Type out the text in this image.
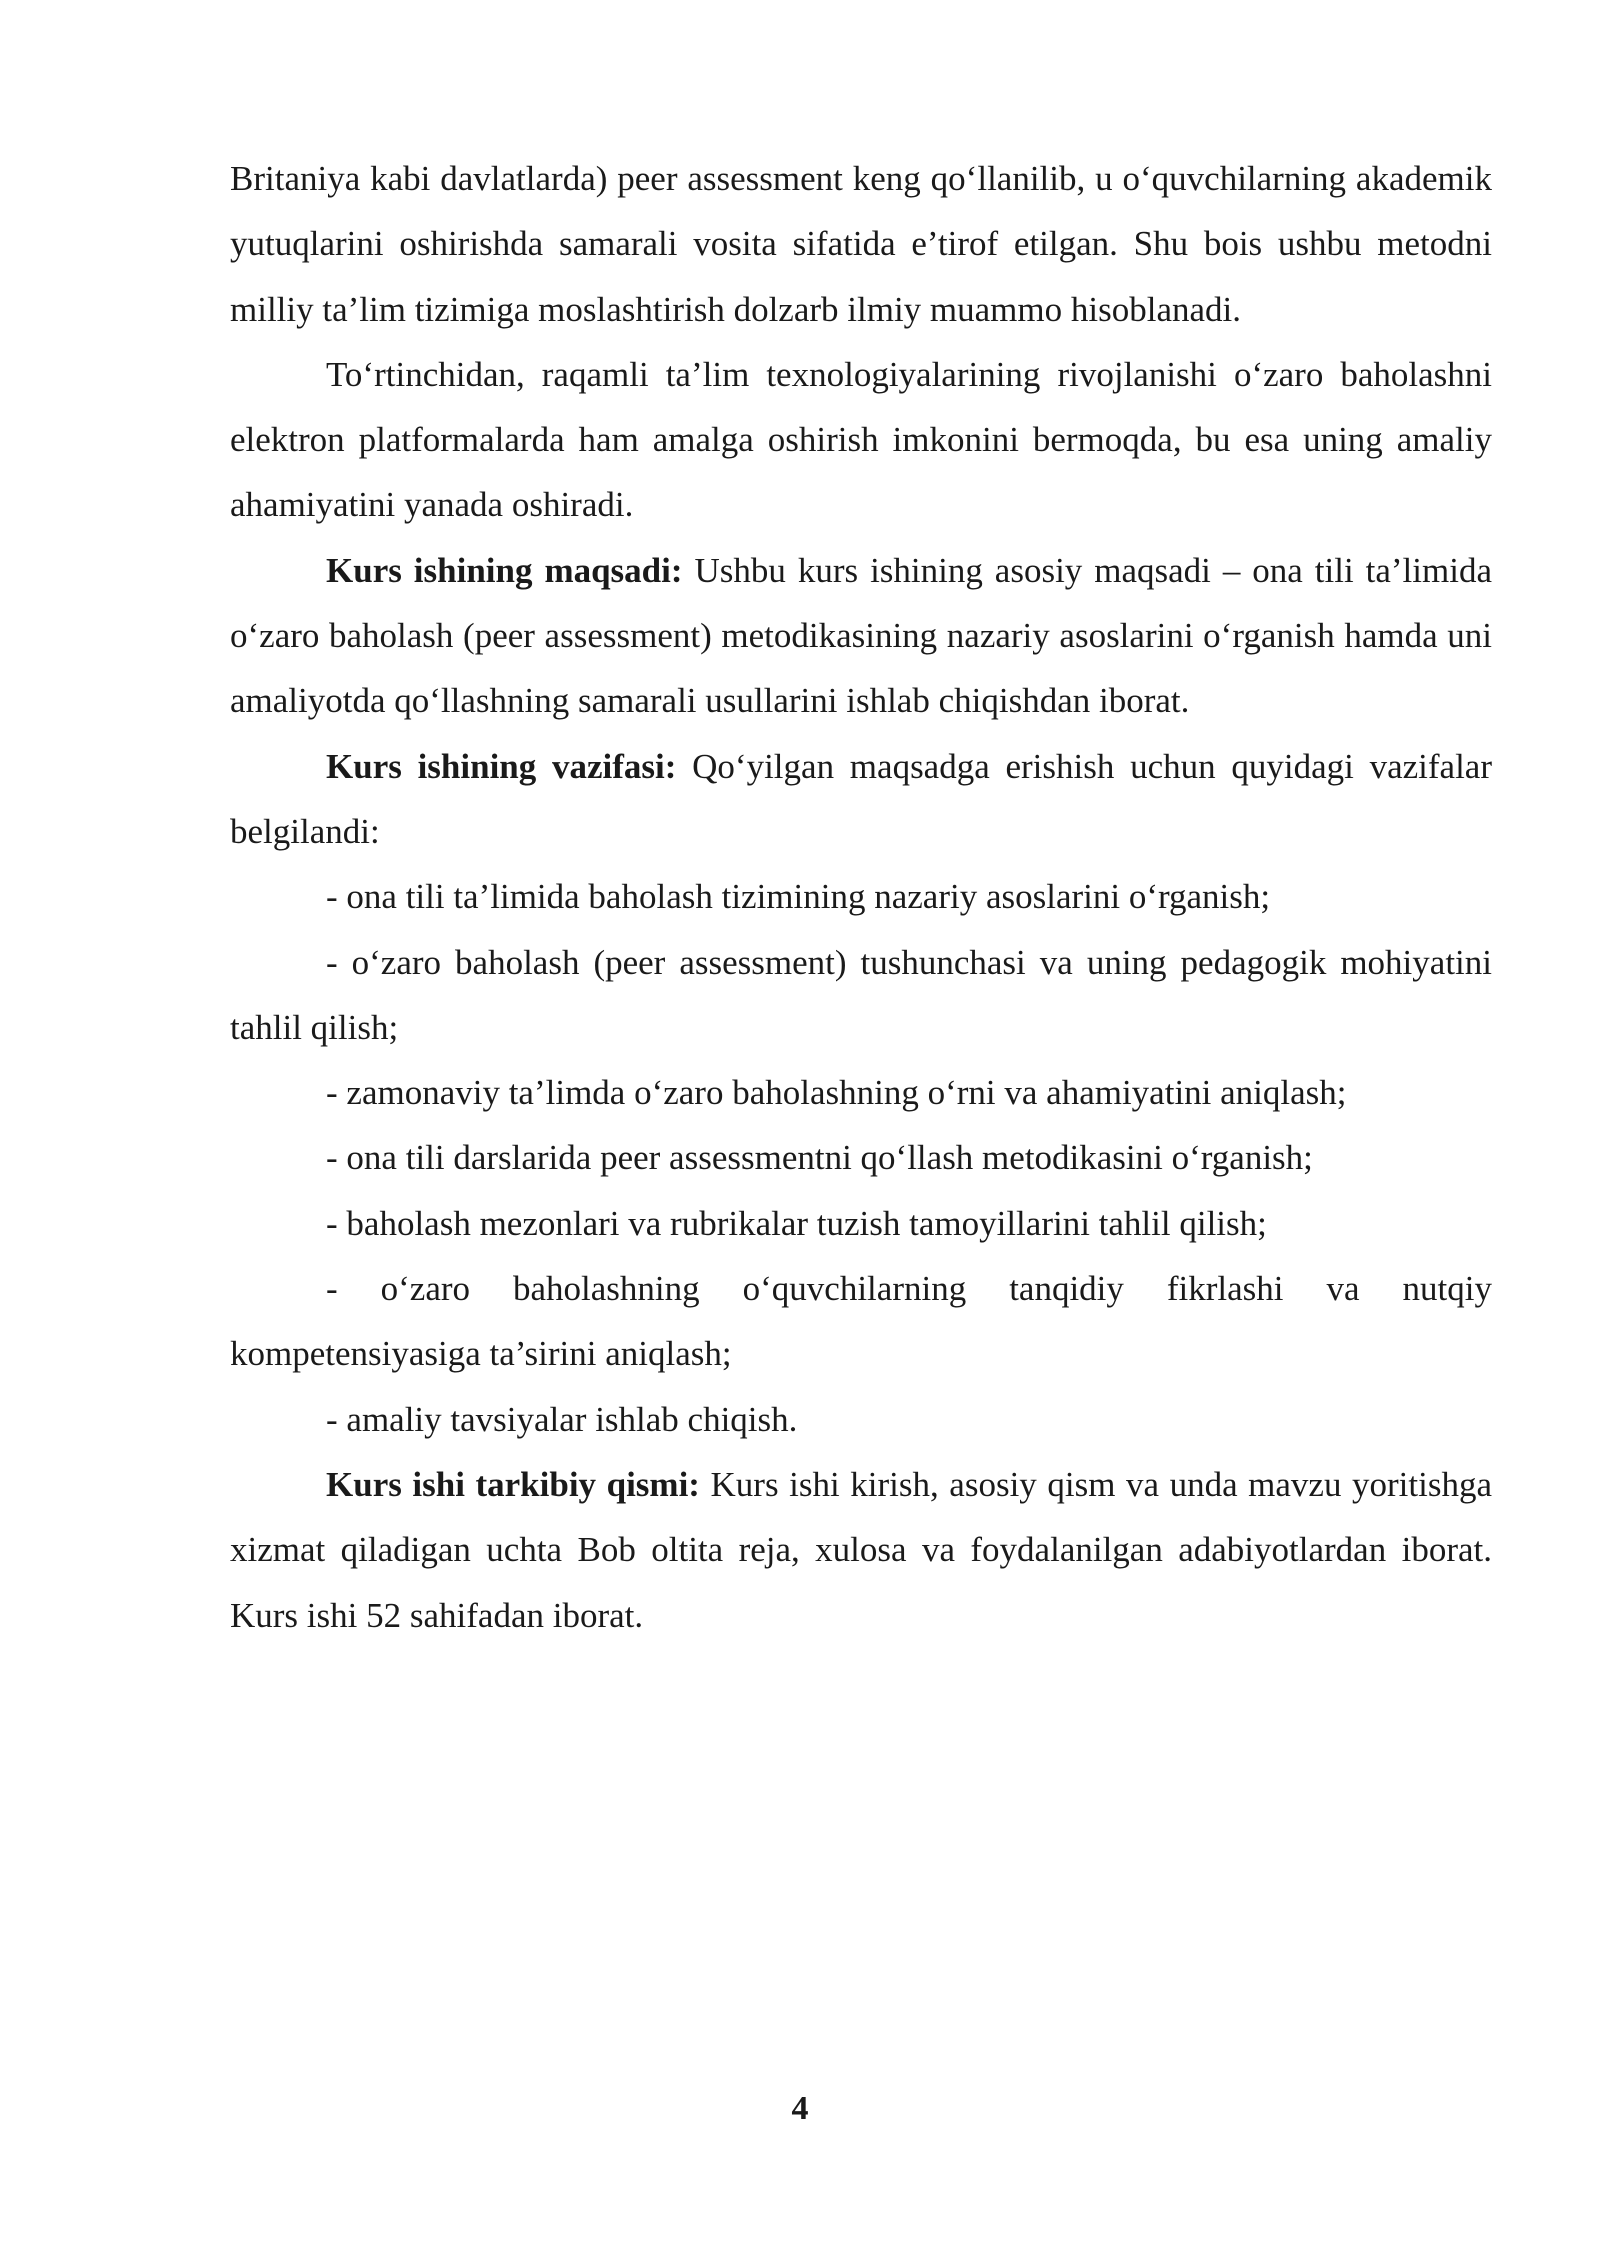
Britaniya kabi davlatlarda) peer assessment keng qo‘llanilib, u o‘quvchilarning akademik yutuqlarini oshirishda samarali vosita sifatida e’tirof etilgan. Shu bois ushbu metodni milliy ta’lim tizimiga moslashtirish dolzarb ilmiy muammo hisoblanadi.

To‘rtinchidan, raqamli ta’lim texnologiyalarining rivojlanishi o‘zaro baholashni elektron platformalarda ham amalga oshirish imkonini bermoqda, bu esa uning amaliy ahamiyatini yanada oshiradi.

Kurs ishining maqsadi: Ushbu kurs ishining asosiy maqsadi – ona tili ta’limida o‘zaro baholash (peer assessment) metodikasining nazariy asoslarini o‘rganish hamda uni amaliyotda qo‘llashning samarali usullarini ishlab chiqishdan iborat.

Kurs ishining vazifasi: Qo‘yilgan maqsadga erishish uchun quyidagi vazifalar belgilandi:

- ona tili ta’limida baholash tizimining nazariy asoslarini o‘rganish;

- o‘zaro baholash (peer assessment) tushunchasi va uning pedagogik mohiyatini tahlil qilish;

- zamonaviy ta’limda o‘zaro baholashning o‘rni va ahamiyatini aniqlash;

- ona tili darslarida peer assessmentni qo‘llash metodikasini o‘rganish;

- baholash mezonlari va rubrikalar tuzish tamoyillarini tahlil qilish;

- o‘zaro baholashning o‘quvchilarning tanqidiy fikrlashi va nutqiy kompetensiyasiga ta’sirini aniqlash;

- amaliy tavsiyalar ishlab chiqish.

Kurs ishi tarkibiy qismi: Kurs ishi kirish, asosiy qism va unda mavzu yoritishga xizmat qiladigan uchta Bob oltita reja, xulosa va foydalanilgan adabiyotlardan iborat. Kurs ishi 52 sahifadan iborat.

4
